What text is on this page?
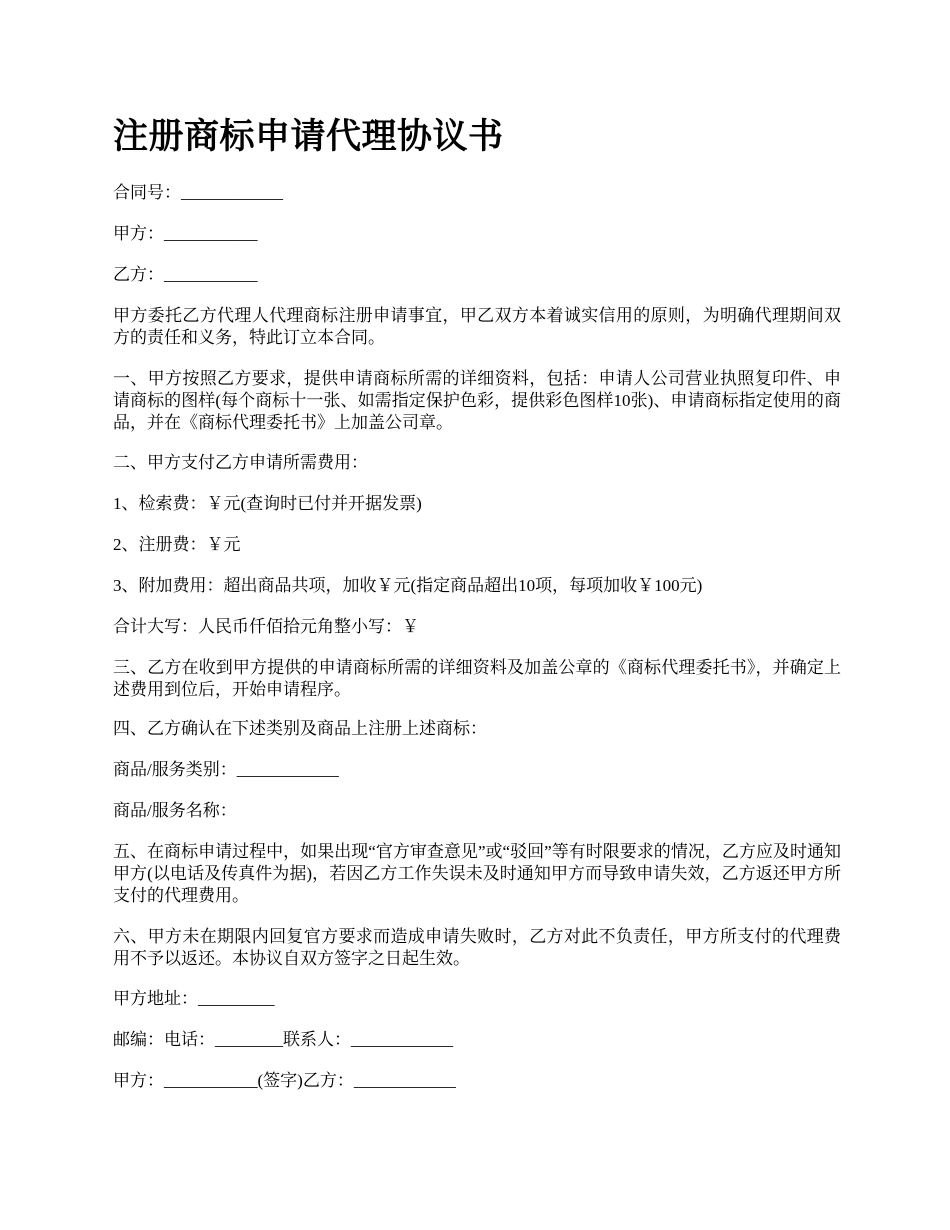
注册商标申请代理协议书

合同号：____________

甲方：___________

乙方：___________

甲方委托乙方代理人代理商标注册申请事宜，甲乙双方本着诚实信用的原则，为明确代理期间双方的责任和义务，特此订立本合同。

一、甲方按照乙方要求，提供申请商标所需的详细资料，包括：申请人公司营业执照复印件、申请商标的图样(每个商标十一张、如需指定保护色彩，提供彩色图样10张)、申请商标指定使用的商品，并在《商标代理委托书》上加盖公司章。

二、甲方支付乙方申请所需费用：

1、检索费：￥元(查询时已付并开据发票)

2、注册费：￥元

3、附加费用：超出商品共项，加收￥元(指定商品超出10项，每项加收￥100元)

合计大写：人民币仟佰拾元角整小写：￥

三、乙方在收到甲方提供的申请商标所需的详细资料及加盖公章的《商标代理委托书》，并确定上述费用到位后，开始申请程序。

四、乙方确认在下述类别及商品上注册上述商标：

商品/服务类别：____________

商品/服务名称：

五、在商标申请过程中，如果出现“官方审查意见”或“驳回”等有时限要求的情况，乙方应及时通知甲方(以电话及传真件为据)，若因乙方工作失误未及时通知甲方而导致申请失效，乙方返还甲方所支付的代理费用。

六、甲方未在期限内回复官方要求而造成申请失败时，乙方对此不负责任，甲方所支付的代理费用不予以返还。本协议自双方签字之日起生效。

甲方地址：_________

邮编：电话：________联系人：____________

甲方：___________(签字)乙方：____________
